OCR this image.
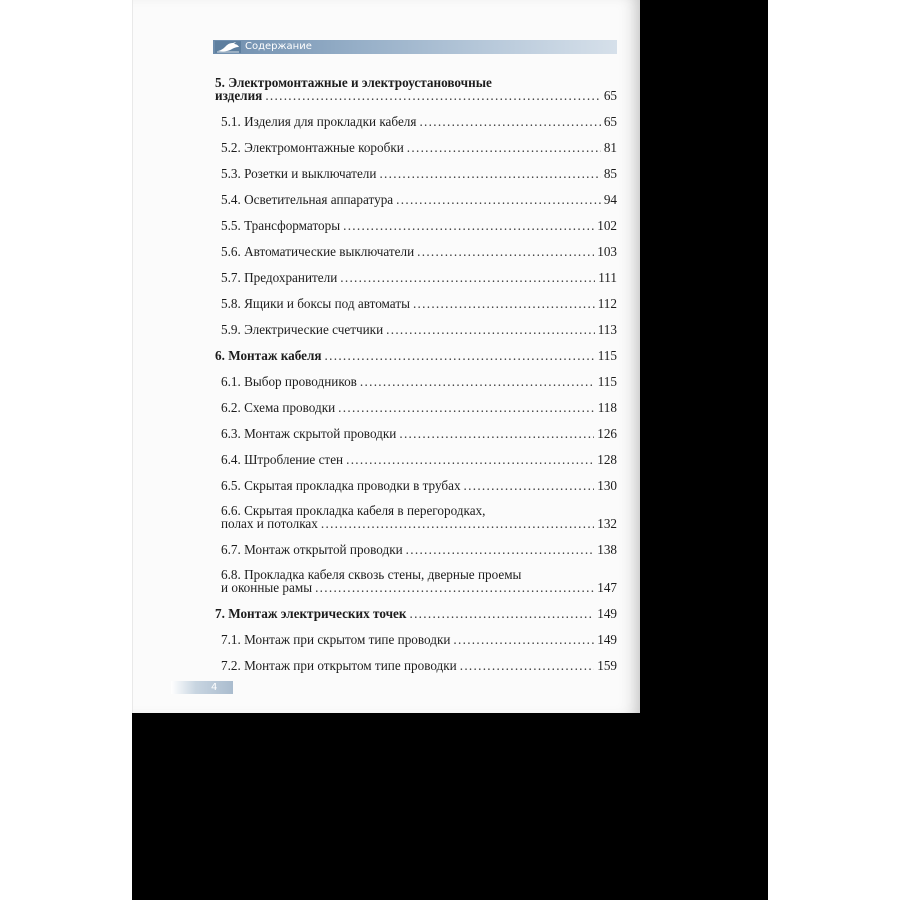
Содержание
5. Электромонтажные и электроустановочные
изделия . . .	65
5.1. Изделия для прокладки кабеля . . .	65
5.2. Электромонтажные коробки . . .	81
5.3. Розетки и выключатели . . .	85
5.4. Осветительная аппаратура . . .	94
5.5. Трансформаторы . . .	102
5.6. Автоматические выключатели . . .	103
5.7. Предохранители . . .	111
5.8. Ящики и боксы под автоматы . . .	112
5.9. Электрические счетчики . . .	113
6. Монтаж кабеля . . .	115
6.1. Выбор проводников . . .	115
6.2. Схема проводки . . .	118
6.3. Монтаж скрытой проводки . . .	126
6.4. Штробление стен . . .	128
6.5. Скрытая прокладка проводки в трубах . . .	130
6.6. Скрытая прокладка кабеля в перегородках,
полах и потолках . . .	132
6.7. Монтаж открытой проводки . . .	138
6.8. Прокладка кабеля сквозь стены, дверные проемы
и оконные рамы . . .	147
7. Монтаж электрических точек . . .	149
7.1. Монтаж при скрытом типе проводки . . .	149
7.2. Монтаж при открытом типе проводки . . .	159
4
